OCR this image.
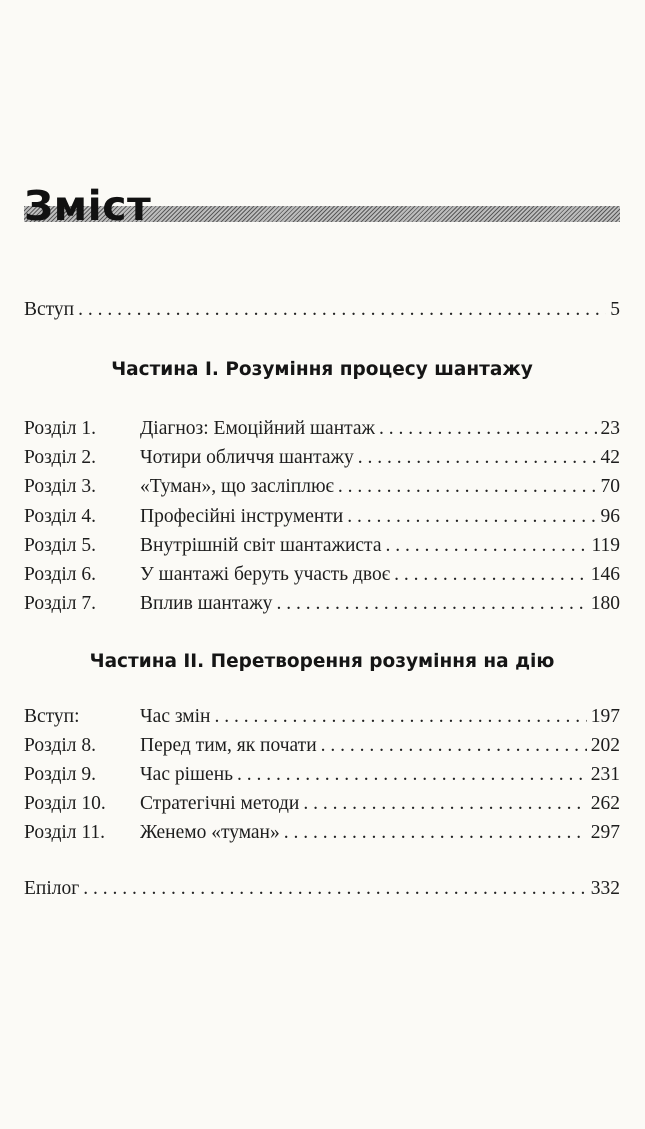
Зміст
Вступ . . .	5
Частина I. Розуміння процесу шантажу
Розділ 1.	Діагноз: Емоційний шантаж . . .	23
Розділ 2.	Чотири обличчя шантажу . . .	42
Розділ 3.	«Туман», що засліплює . . .	70
Розділ 4.	Професійні інструменти . . .	96
Розділ 5.	Внутрішній світ шантажиста . . .	119
Розділ 6.	У шантажі беруть участь двоє . . .	146
Розділ 7.	Вплив шантажу . . .	180
Частина II. Перетворення розуміння на дію
Вступ:	Час змін . . .	197
Розділ 8.	Перед тим, як почати . . .	202
Розділ 9.	Час рішень . . .	231
Розділ 10.	Стратегічні методи . . .	262
Розділ 11.	Женемо «туман» . . .	297
Епілог . . .	332
